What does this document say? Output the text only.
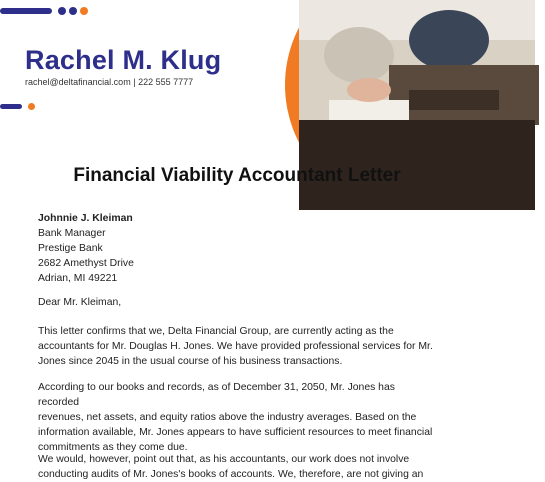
Rachel M. Klug
rachel@deltafinancial.com | 222 555 7777
Financial Viability Accountant Letter

Johnnie J. Kleiman

Bank Manager

Prestige Bank

2682 Amethyst Drive

Adrian, MI 49221

Dear Mr. Kleiman,

This letter confirms that we, Delta Financial Group, are currently acting as the

accountants for Mr. Douglas H. Jones. We have provided professional services for Mr.

Jones since 2045 in the usual course of his business transactions.

According to our books and records, as of December 31, 2050, Mr. Jones has recorded

revenues, net assets, and equity ratios above the industry averages. Based on the

information available, Mr. Jones appears to have sufficient resources to meet financial

commitments as they come due.

We would, however, point out that, as his accountants, our work does not involve

conducting audits of Mr. Jones's books of accounts. We, therefore, are not giving an
